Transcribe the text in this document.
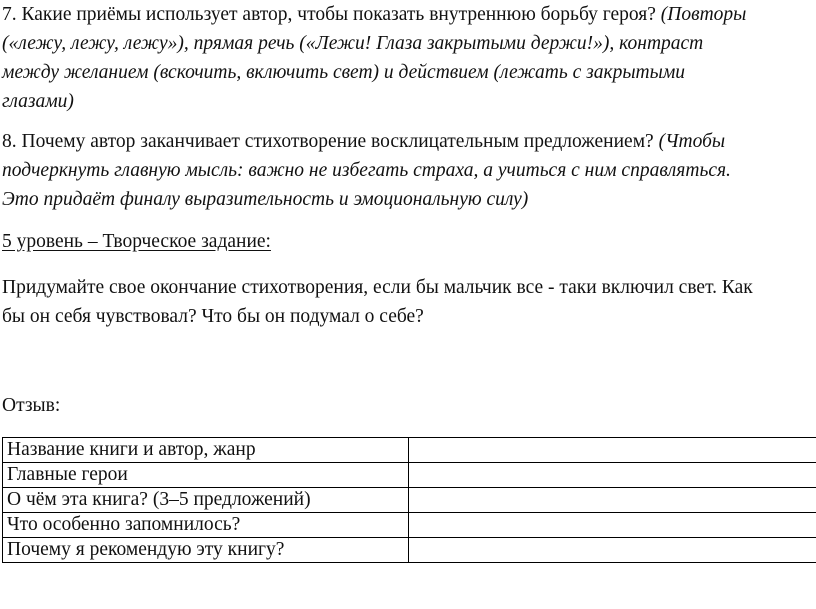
7. Какие приёмы использует автор, чтобы показать внутреннюю борьбу героя? (Повторы
(«лежу, лежу, лежу»), прямая речь («Лежи! Глаза закрытыми держи!»), контраст
между желанием (вскочить, включить свет) и действием (лежать с закрытыми
глазами)
8. Почему автор заканчивает стихотворение восклицательным предложением? (Чтобы
подчеркнуть главную мысль: важно не избегать страха, а учиться с ним справляться.
Это придаёт финалу выразительность и эмоциональную силу)
5 уровень – Творческое задание:
Придумайте свое окончание стихотворения, если бы мальчик все - таки включил свет. Как
бы он себя чувствовал? Что бы он подумал о себе?
Отзыв:
Название книги и автор, жанр	
Главные герои	
О чём эта книга? (3–5 предложений)	
Что особенно запомнилось?	
Почему я рекомендую эту книгу?	
